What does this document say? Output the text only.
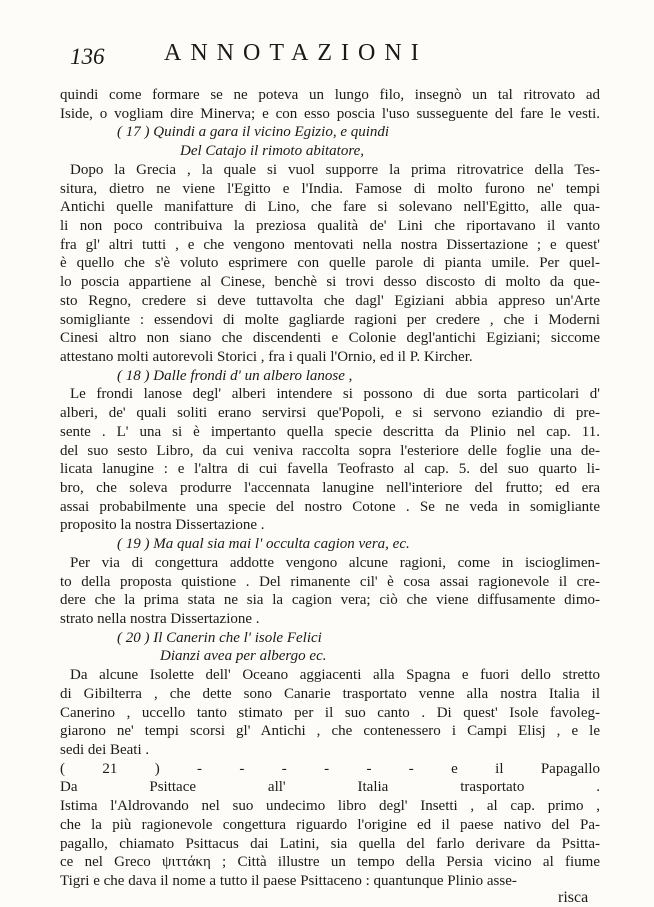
136 ANNOTAZIONI
quindi come formare se ne poteva un lungo filo, insegnò un tal ritrovato ad
Iside, o vogliam dire Minerva; e con esso poscia l'uso susseguente del fare le vesti.
( 17 ) Quindi a gara il vicino Egizio, e quindi
Del Catajo il rimoto abitatore,
Dopo la Grecia , la quale si vuol supporre la prima ritrovatrice della Tes-
situra, dietro ne viene l'Egitto e l'India. Famose di molto furono ne' tempi
Antichi quelle manifatture di Lino, che fare si solevano nell'Egitto, alle qua-
li non poco contribuiva la preziosa qualità de' Lini che riportavano il vanto
fra gl' altri tutti , e che vengono mentovati nella nostra Dissertazione ; e quest'
è quello che s'è voluto esprimere con quelle parole di pianta umile. Per quel-
lo poscia appartiene al Cinese, benchè si trovi desso discosto di molto da que-
sto Regno, credere si deve tuttavolta che dagl' Egiziani abbia appreso un'Arte
somigliante : essendovi di molte gagliarde ragioni per credere , che i Moderni
Cinesi altro non siano che discendenti e Colonie degl'antichi Egiziani; siccome
attestano molti autorevoli Storici , fra i quali l'Ornio, ed il P. Kircher.
( 18 ) Dalle frondi d' un albero lanose ,
Le frondi lanose degl' alberi intendere si possono di due sorta particolari d'
alberi, de' quali soliti erano servirsi que'Popoli, e si servono eziandio di pre-
sente . L' una si è impertanto quella specie descritta da Plinio nel cap. 11.
del suo sesto Libro, da cui veniva raccolta sopra l'esteriore delle foglie una de-
licata lanugine : e l'altra di cui favella Teofrasto al cap. 5. del suo quarto li-
bro, che soleva produrre l'accennata lanugine nell'interiore del frutto; ed era
assai probabilmente una specie del nostro Cotone . Se ne veda in somigliante
proposito la nostra Dissertazione .
( 19 ) Ma qual sia mai l' occulta cagion vera, ec.
Per via di congettura addotte vengono alcune ragioni, come in iscioglimen-
to della proposta quistione . Del rimanente cil' è cosa assai ragionevole il cre-
dere che la prima stata ne sia la cagion vera; ciò che viene diffusamente dimo-
strato nella nostra Dissertazione .
( 20 ) Il Canerin che l' isole Felici
Dianzi avea per albergo ec.
Da alcune Isolette dell' Oceano aggiacenti alla Spagna e fuori dello stretto
di Gibilterra , che dette sono Canarie trasportato venne alla nostra Italia il
Canerino , uccello tanto stimato per il suo canto . Di quest' Isole favoleg-
giarono ne' tempi scorsi gl' Antichi , che contenessero i Campi Elisj , e le
sedi dei Beati .
risca
( 21 ) - - - - - - e il Papagallo
Da Psittace all' Italia trasportato .
Istima l'Aldrovando nel suo undecimo libro degl' Insetti , al cap. primo ,
che la più ragionevole congettura riguardo l'origine ed il paese nativo del Pa-
pagallo, chiamato Psittacus dai Latini, sia quella del farlo derivare da Psitta-
ce nel Greco ψιττάκη ; Città illustre un tempo della Persia vicino al fiume
Tigri e che dava il nome a tutto il paese Psittaceno : quantunque Plinio asse-
